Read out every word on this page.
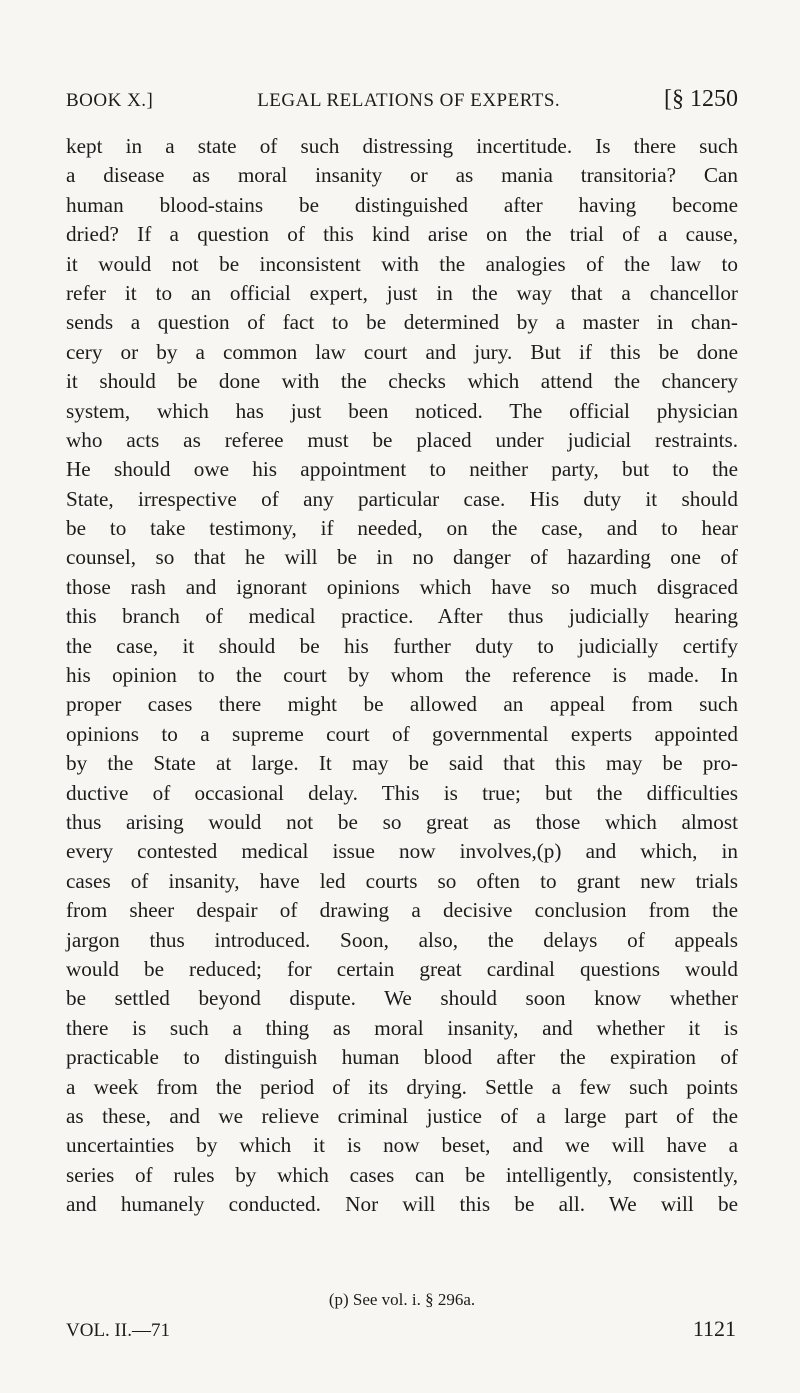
BOOK X.]	LEGAL RELATIONS OF EXPERTS.	[§ 1250
kept in a state of such distressing incertitude. Is there such
a disease as moral insanity or as mania transitoria? Can
human blood-stains be distinguished after having become
dried? If a question of this kind arise on the trial of a cause,
it would not be inconsistent with the analogies of the law to
refer it to an official expert, just in the way that a chancellor
sends a question of fact to be determined by a master in chan-
cery or by a common law court and jury. But if this be done
it should be done with the checks which attend the chancery
system, which has just been noticed. The official physician
who acts as referee must be placed under judicial restraints.
He should owe his appointment to neither party, but to the
State, irrespective of any particular case. His duty it should
be to take testimony, if needed, on the case, and to hear
counsel, so that he will be in no danger of hazarding one of
those rash and ignorant opinions which have so much disgraced
this branch of medical practice. After thus judicially hearing
the case, it should be his further duty to judicially certify
his opinion to the court by whom the reference is made. In
proper cases there might be allowed an appeal from such
opinions to a supreme court of governmental experts appointed
by the State at large. It may be said that this may be pro-
ductive of occasional delay. This is true; but the difficulties
thus arising would not be so great as those which almost
every contested medical issue now involves,(p) and which, in
cases of insanity, have led courts so often to grant new trials
from sheer despair of drawing a decisive conclusion from the
jargon thus introduced. Soon, also, the delays of appeals
would be reduced; for certain great cardinal questions would
be settled beyond dispute. We should soon know whether
there is such a thing as moral insanity, and whether it is
practicable to distinguish human blood after the expiration of
a week from the period of its drying. Settle a few such points
as these, and we relieve criminal justice of a large part of the
uncertainties by which it is now beset, and we will have a
series of rules by which cases can be intelligently, consistently,
and humanely conducted. Nor will this be all. We will be
(p) See vol. i. § 296a.
VOL. II.—71	1121
